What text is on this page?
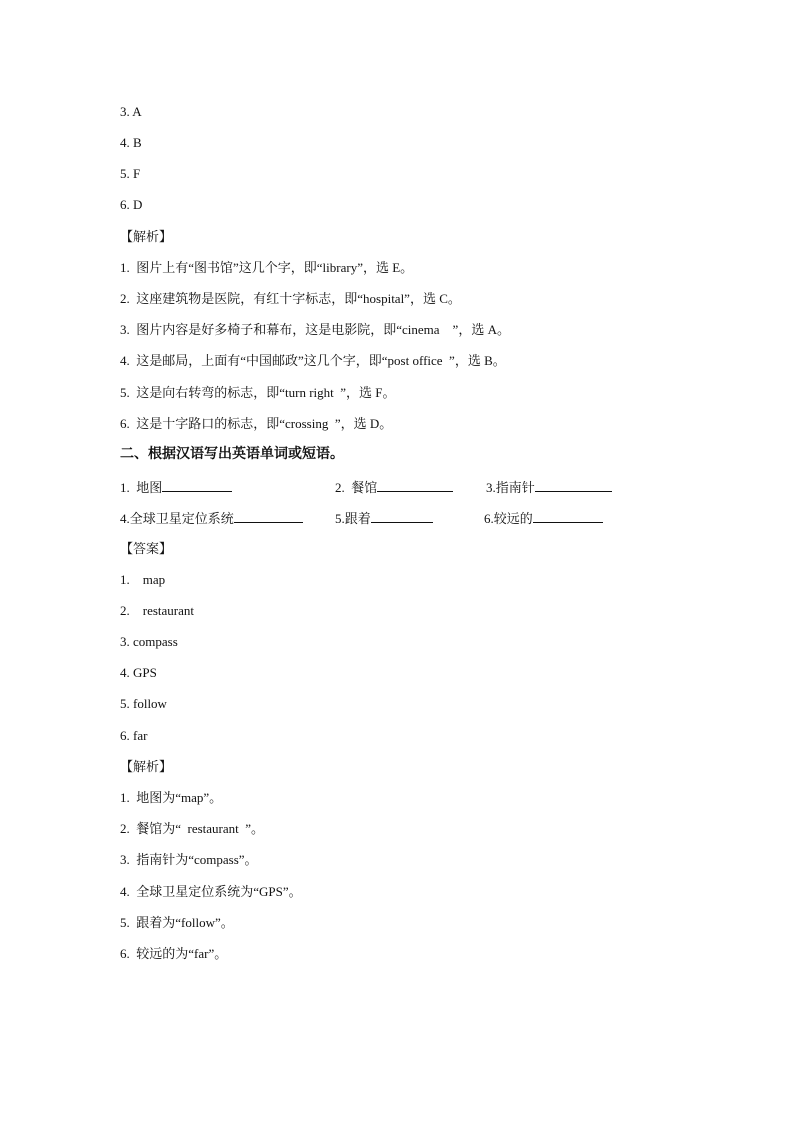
3. A
4. B
5. F
6. D
【解析】
1.  图片上有“图书馆”这几个字，即“library”，选 E。
2.  这座建筑物是医院，有红十字标志，即“hospital”，选 C。
3.  图片内容是好多椅子和幕布，这是电影院，即“cinema    ”，选 A。
4.  这是邮局，上面有“中国邮政”这几个字，即“post office  ”，选 B。
5.  这是向右转弯的标志，即“turn right  ”，选 F。
6.  这是十字路口的标志，即“crossing  ”，选 D。
二、根据汉语写出英语单词或短语。
1.  地图	2.  餐馆	3.指南针
4.全球卫星定位系统	5.跟着	6.较远的
【答案】
1.    map
2.    restaurant
3. compass
4. GPS
5. follow
6. far
【解析】
1.  地图为“map”。
2.  餐馆为“  restaurant  ”。
3.  指南针为“compass”。
4.  全球卫星定位系统为“GPS”。
5.  跟着为“follow”。
6.  较远的为“far”。
